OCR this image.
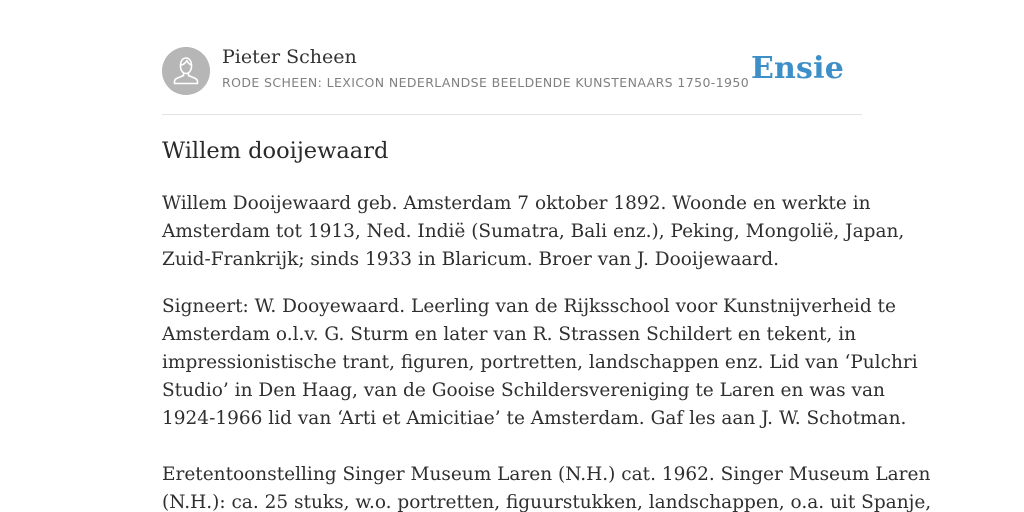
Pieter Scheen
RODE SCHEEN: LEXICON NEDERLANDSE BEELDENDE KUNSTENAARS 1750-1950 Ensie
Willem dooijewaard

Willem Dooijewaard geb. Amsterdam 7 oktober 1892. Woonde en werkte in
Amsterdam tot 1913, Ned. Indië (Sumatra, Bali enz.), Peking, Mongolië, Japan,
Zuid-Frankrijk; sinds 1933 in Blaricum. Broer van J. Dooijewaard.

Signeert: W. Dooyewaard. Leerling van de Rijksschool voor Kunstnijverheid te
Amsterdam o.l.v. G. Sturm en later van R. Strassen Schildert en tekent, in
impressionistische trant, figuren, portretten, landschappen enz. Lid van ‘Pulchri
Studio’ in Den Haag, van de Gooise Schildersvereniging te Laren en was van
1924-1966 lid van ‘Arti et Amicitiae’ te Amsterdam. Gaf les aan J. W. Schotman.

Eretentoonstelling Singer Museum Laren (N.H.) cat. 1962. Singer Museum Laren
(N.H.): ca. 25 stuks, w.o. portretten, figuurstukken, landschappen, o.a. uit Spanje,
